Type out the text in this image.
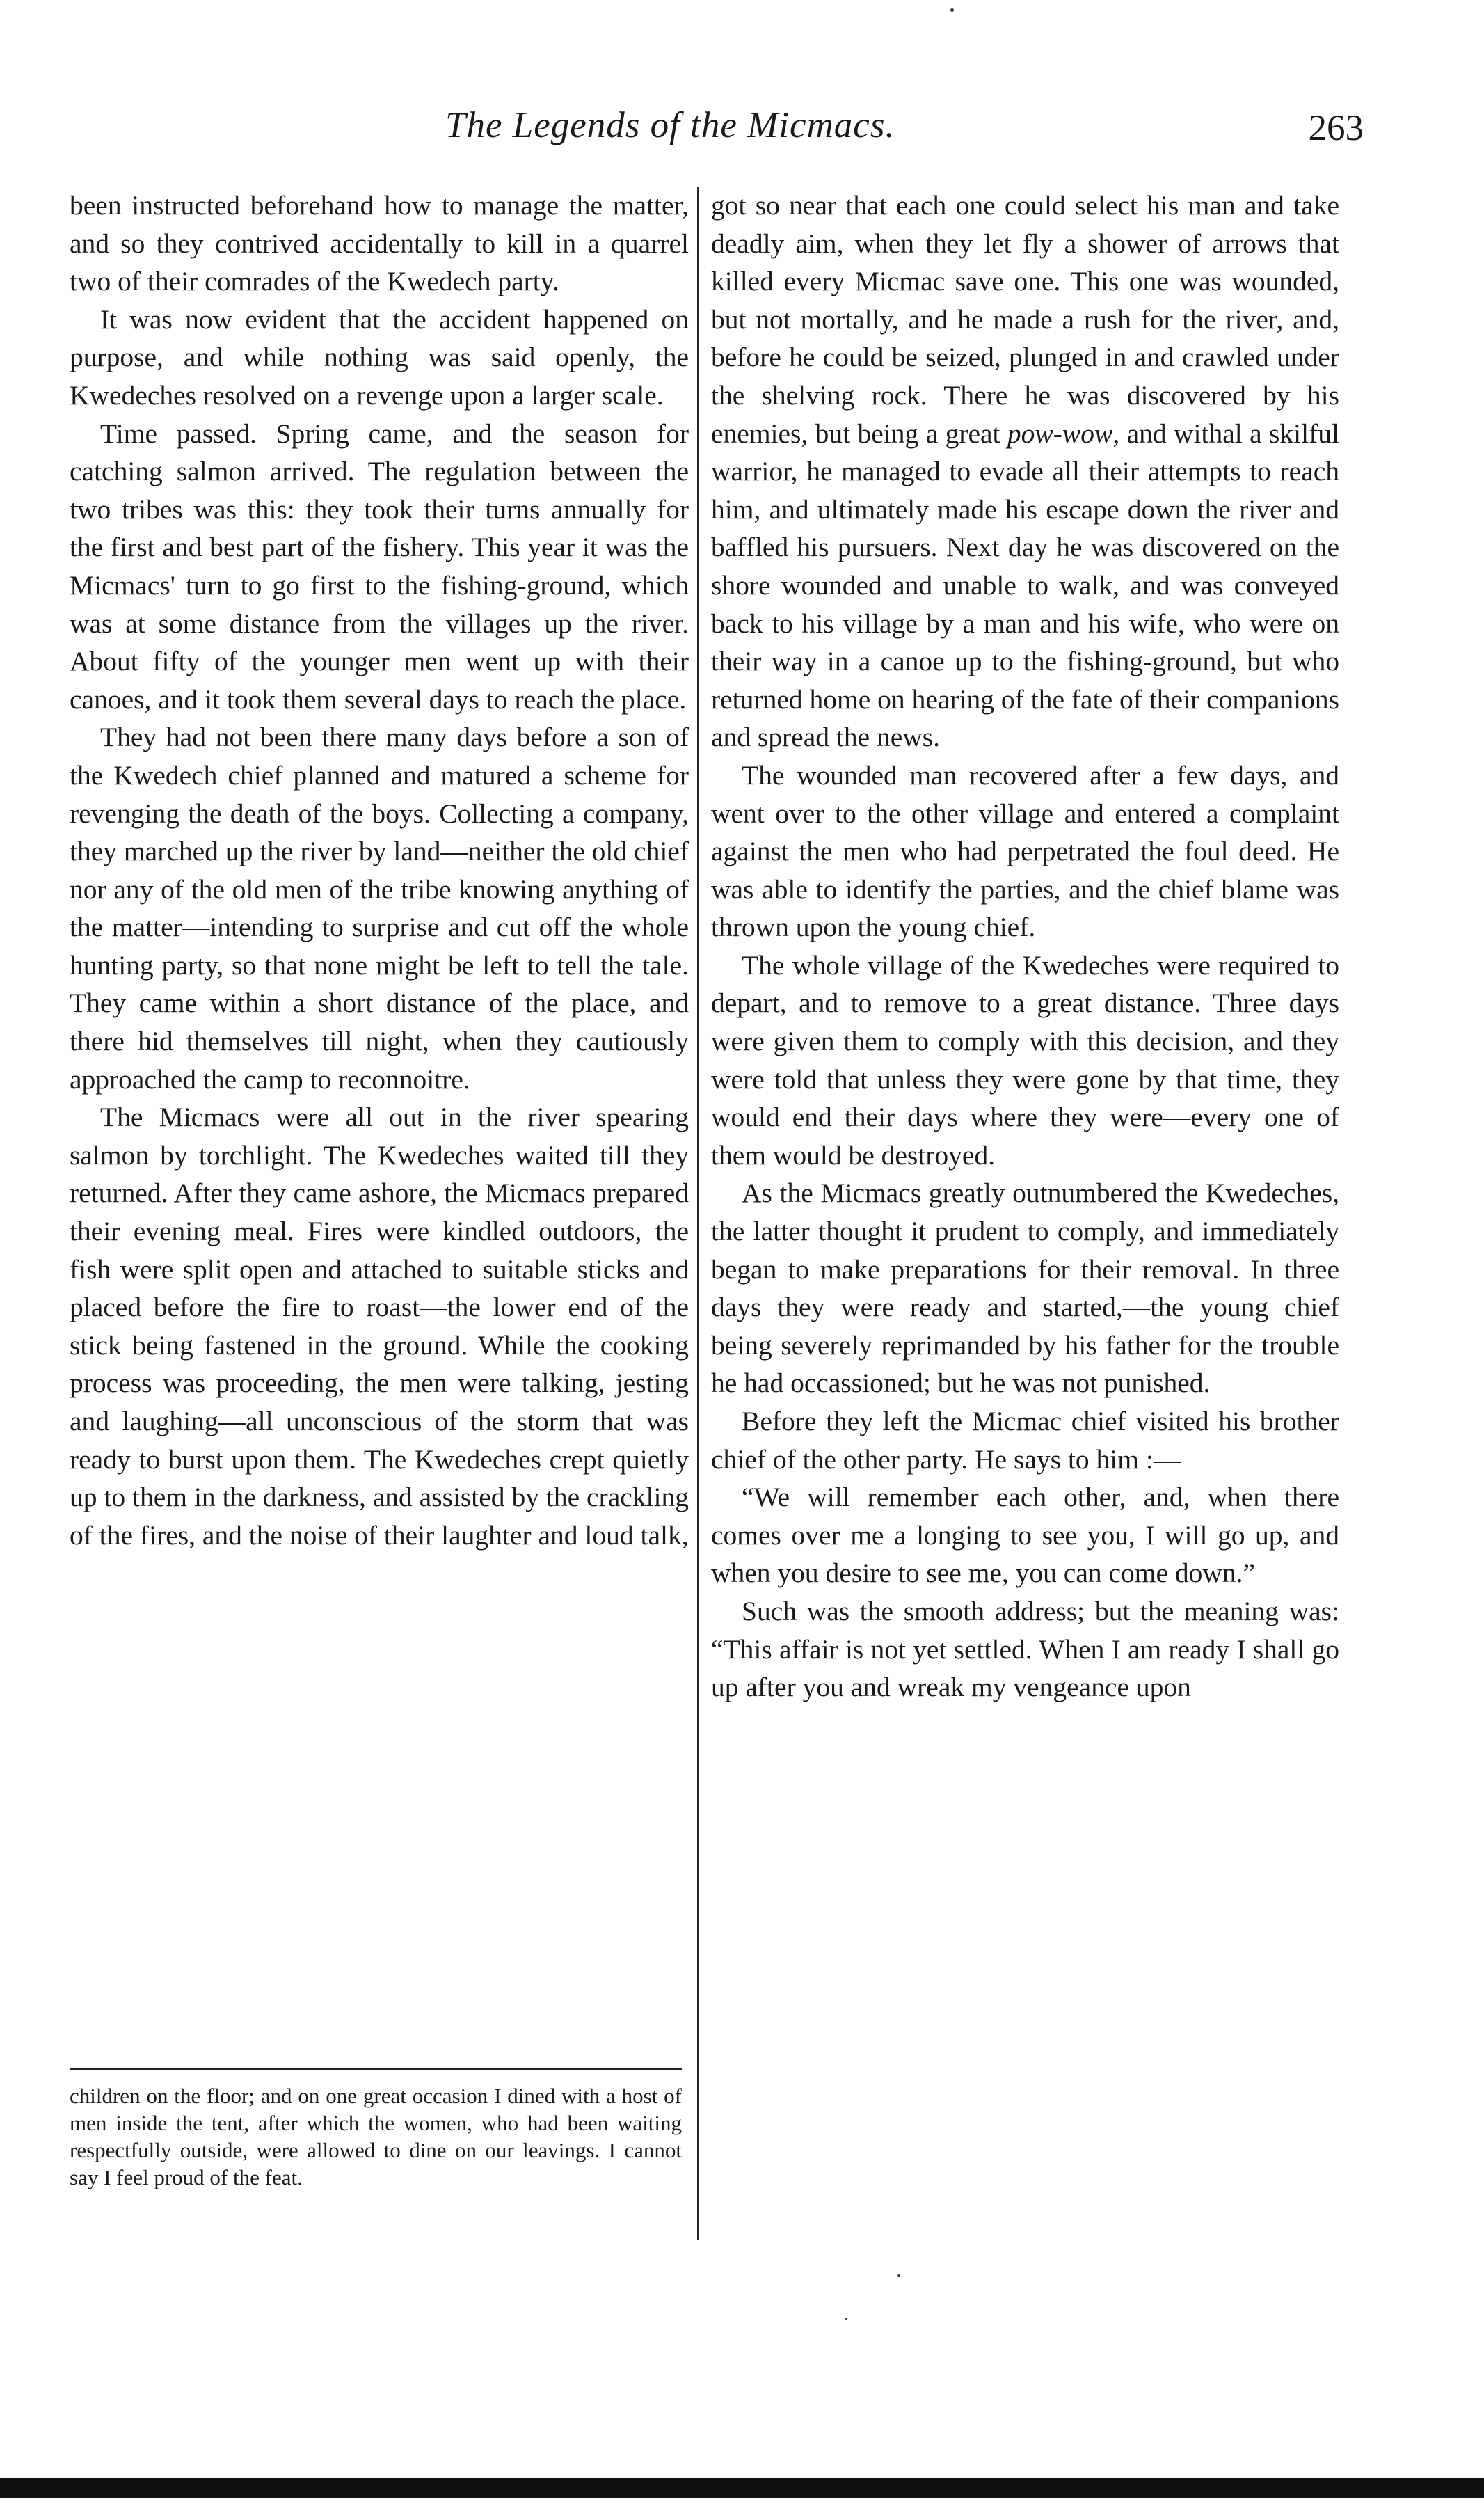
The Legends of the Micmacs.	263

been instructed beforehand how to manage the matter, and so they contrived accidentally to kill in a quarrel two of their comrades of the Kwedech party.

It was now evident that the accident happened on purpose, and while nothing was said openly, the Kwedeches resolved on a revenge upon a larger scale.

Time passed. Spring came, and the season for catching salmon arrived. The regulation between the two tribes was this: they took their turns annually for the first and best part of the fishery. This year it was the Micmacs' turn to go first to the fishing-ground, which was at some distance from the villages up the river. About fifty of the younger men went up with their canoes, and it took them several days to reach the place.

They had not been there many days before a son of the Kwedech chief planned and matured a scheme for revenging the death of the boys. Collecting a company, they marched up the river by land—neither the old chief nor any of the old men of the tribe knowing anything of the matter—intending to surprise and cut off the whole hunting party, so that none might be left to tell the tale. They came within a short distance of the place, and there hid themselves till night, when they cautiously approached the camp to reconnoitre.

The Micmacs were all out in the river spearing salmon by torchlight. The Kwedeches waited till they returned. After they came ashore, the Micmacs prepared their evening meal. Fires were kindled outdoors, the fish were split open and attached to suitable sticks and placed before the fire to roast—the lower end of the stick being fastened in the ground. While the cooking process was proceeding, the men were talking, jesting and laughing—all unconscious of the storm that was ready to burst upon them. The Kwedeches crept quietly up to them in the darkness, and assisted by the crackling of the fires, and the noise of their laughter and loud talk,

children on the floor; and on one great occasion I dined with a host of men inside the tent, after which the women, who had been waiting respectfully outside, were allowed to dine on our leavings. I cannot say I feel proud of the feat.

got so near that each one could select his man and take deadly aim, when they let fly a shower of arrows that killed every Micmac save one. This one was wounded, but not mortally, and he made a rush for the river, and, before he could be seized, plunged in and crawled under the shelving rock. There he was discovered by his enemies, but being a great pow-wow, and withal a skilful warrior, he managed to evade all their attempts to reach him, and ultimately made his escape down the river and baffled his pursuers. Next day he was discovered on the shore wounded and unable to walk, and was conveyed back to his village by a man and his wife, who were on their way in a canoe up to the fishing-ground, but who returned home on hearing of the fate of their companions and spread the news.

The wounded man recovered after a few days, and went over to the other village and entered a complaint against the men who had perpetrated the foul deed. He was able to identify the parties, and the chief blame was thrown upon the young chief.

The whole village of the Kwedeches were required to depart, and to remove to a great distance. Three days were given them to comply with this decision, and they were told that unless they were gone by that time, they would end their days where they were—every one of them would be destroyed.

As the Micmacs greatly outnumbered the Kwedeches, the latter thought it prudent to comply, and immediately began to make preparations for their removal. In three days they were ready and started,—the young chief being severely reprimanded by his father for the trouble he had occassioned; but he was not punished.

Before they left the Micmac chief visited his brother chief of the other party. He says to him :—

“We will remember each other, and, when there comes over me a longing to see you, I will go up, and when you desire to see me, you can come down.”

Such was the smooth address; but the meaning was: “This affair is not yet settled. When I am ready I shall go up after you and wreak my vengeance upon
